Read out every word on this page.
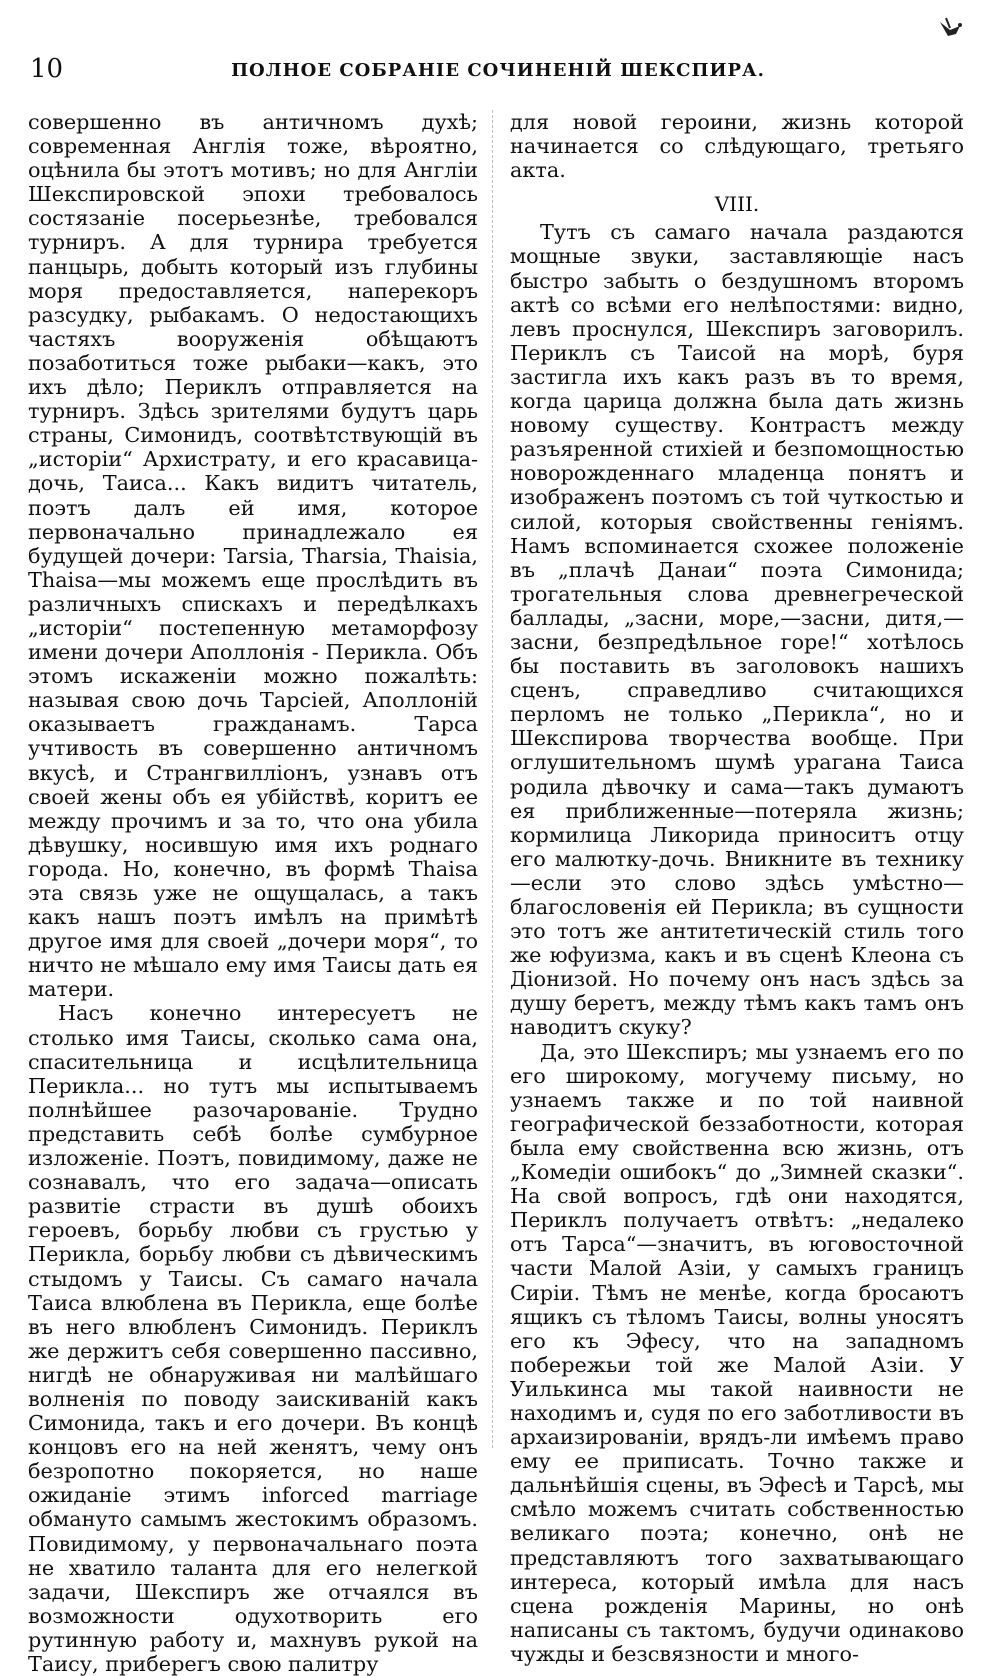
10	ПОЛНОЕ СОБРАНІЕ СОЧИНЕНІЙ ШЕКСПИРА.

совершенно въ античномъ духѣ; современная Англія тоже, вѣроятно, оцѣнила бы этотъ мотивъ; но для Англіи Шекспировской эпохи требовалось состязаніе посерьезнѣе, требовался турниръ. А для турнира требуется панцырь, добыть который изъ глубины моря предоставляется, наперекоръ разсудку, рыбакамъ. О недостающихъ частяхъ вооруженія обѣщаютъ позаботиться тоже рыбаки—какъ, это ихъ дѣло; Периклъ отправляется на турниръ. Здѣсь зрителями будутъ царь страны, Симонидъ, соотвѣтствующій въ „исторіи“ Архистрату, и его красавица-дочь, Таиса... Какъ видитъ читатель, поэтъ далъ ей имя, которое первоначально принадлежало ея будущей дочери: Tarsia, Tharsia, Thaisia, Thaisa—мы можемъ еще прослѣдить въ различныхъ спискахъ и передѣлкахъ „исторіи“ постепенную метаморфозу имени дочери Аполлонія - Перикла. Объ этомъ искаженіи можно пожалѣть: называя свою дочь Тарсіей, Аполлоній оказываетъ гражданамъ. Тарса учтивость въ совершенно античномъ вкусѣ, и Странгвиллiонъ, узнавъ отъ своей жены объ ея убійствѣ, коритъ ее между прочимъ и за то, что она убила дѣвушку, носившую имя ихъ роднаго города. Но, конечно, въ формѣ Thaisa эта связь уже не ощущалась, а такъ какъ нашъ поэтъ имѣлъ на примѣтѣ другое имя для своей „дочери моря“, то ничто не мѣшало ему имя Таисы дать ея матери.

Насъ конечно интересуетъ не столько имя Таисы, сколько сама она, спасительница и исцѣлительница Перикла... но тутъ мы испытываемъ полнѣйшее разочарованіе. Трудно представить себѣ болѣе сумбурное изложеніе. Поэтъ, повидимому, даже не сознавалъ, что его задача—описать развитіе страсти въ душѣ обоихъ героевъ, борьбу любви съ грустью у Перикла, борьбу любви съ дѣвическимъ стыдомъ у Таисы. Съ самаго начала Таиса влюблена въ Перикла, еще болѣе въ него влюбленъ Симонидъ. Периклъ же держитъ себя совершенно пассивно, нигдѣ не обнаруживая ни малѣйшаго волненія по поводу заискиваній какъ Симонида, такъ и его дочери. Въ концѣ концовъ его на ней женятъ, чему онъ безропотно покоряется, но наше ожиданіе этимъ inforced marriage обмануто самымъ жестокимъ образомъ. Повидимому, у первоначальнаго поэта не хватило таланта для его нелегкой задачи, Шекспиръ же отчаялся въ возможности одухотворить его рутинную работу и, махнувъ рукой на Таису, приберегъ свою палитру

для новой героини, жизнь которой начинается со слѣдующаго, третьяго акта.

VIII.

Тутъ съ самаго начала раздаются мощные звуки, заставляющіе насъ быстро забыть о бездушномъ второмъ актѣ со всѣми его нелѣпостями: видно, левъ проснулся, Шекспиръ заговорилъ. Периклъ съ Таисой на морѣ, буря застигла ихъ какъ разъ въ то время, когда царица должна была дать жизнь новому существу. Контрастъ между разъяренной стихіей и безпомощностью новорожденнаго младенца понятъ и изображенъ поэтомъ съ той чуткостью и силой, которыя свойственны геніямъ. Намъ вспоминается схожее положеніе въ „плачѣ Данаи“ поэта Симонида; трогательныя слова древнегреческой баллады, „засни, море,—засни, дитя,—засни, безпредѣльное горе!“ хотѣлось бы поставить въ заголовокъ нашихъ сценъ, справедливо считающихся перломъ не только „Перикла“, но и Шекспирова творчества вообще. При оглушительномъ шумѣ урагана Таиса родила дѣвочку и сама—такъ думаютъ ея приближенные—потеряла жизнь; кормилица Ликорида приноситъ отцу его малютку-дочь. Вникните въ технику—если это слово здѣсь умѣстно—благословенія ей Перикла; въ сущности это тотъ же антитетическій стиль того же юфуизма, какъ и въ сценѣ Клеона съ Діонизой. Но почему онъ насъ здѣсь за душу беретъ, между тѣмъ какъ тамъ онъ наводитъ скуку?

Да, это Шекспиръ; мы узнаемъ его по его широкому, могучему письму, но узнаемъ также и по той наивной географической беззаботности, которая была ему свойственна всю жизнь, отъ „Комедіи ошибокъ“ до „Зимней сказки“. На свой вопросъ, гдѣ они находятся, Периклъ получаетъ отвѣтъ: „недалеко отъ Тарса“—значитъ, въ юговосточной части Малой Азіи, у самыхъ границъ Сиріи. Тѣмъ не менѣе, когда бросаютъ ящикъ съ тѣломъ Таисы, волны уносятъ его къ Эфесу, что на западномъ побережьи той же Малой Азіи. У Уилькинса мы такой наивности не находимъ и, судя по его заботливости въ архаизированіи, врядъ-ли имѣемъ право ему ее приписать. Точно также и дальнѣйшія сцены, въ Эфесѣ и Тарсѣ, мы смѣло можемъ считать собственностью великаго поэта; конечно, онѣ не представляютъ того захватывающаго интереса, который имѣла для насъ сцена рожденія Марины, но онѣ написаны съ тактомъ, будучи одинаково чужды и безсвязности и много-
